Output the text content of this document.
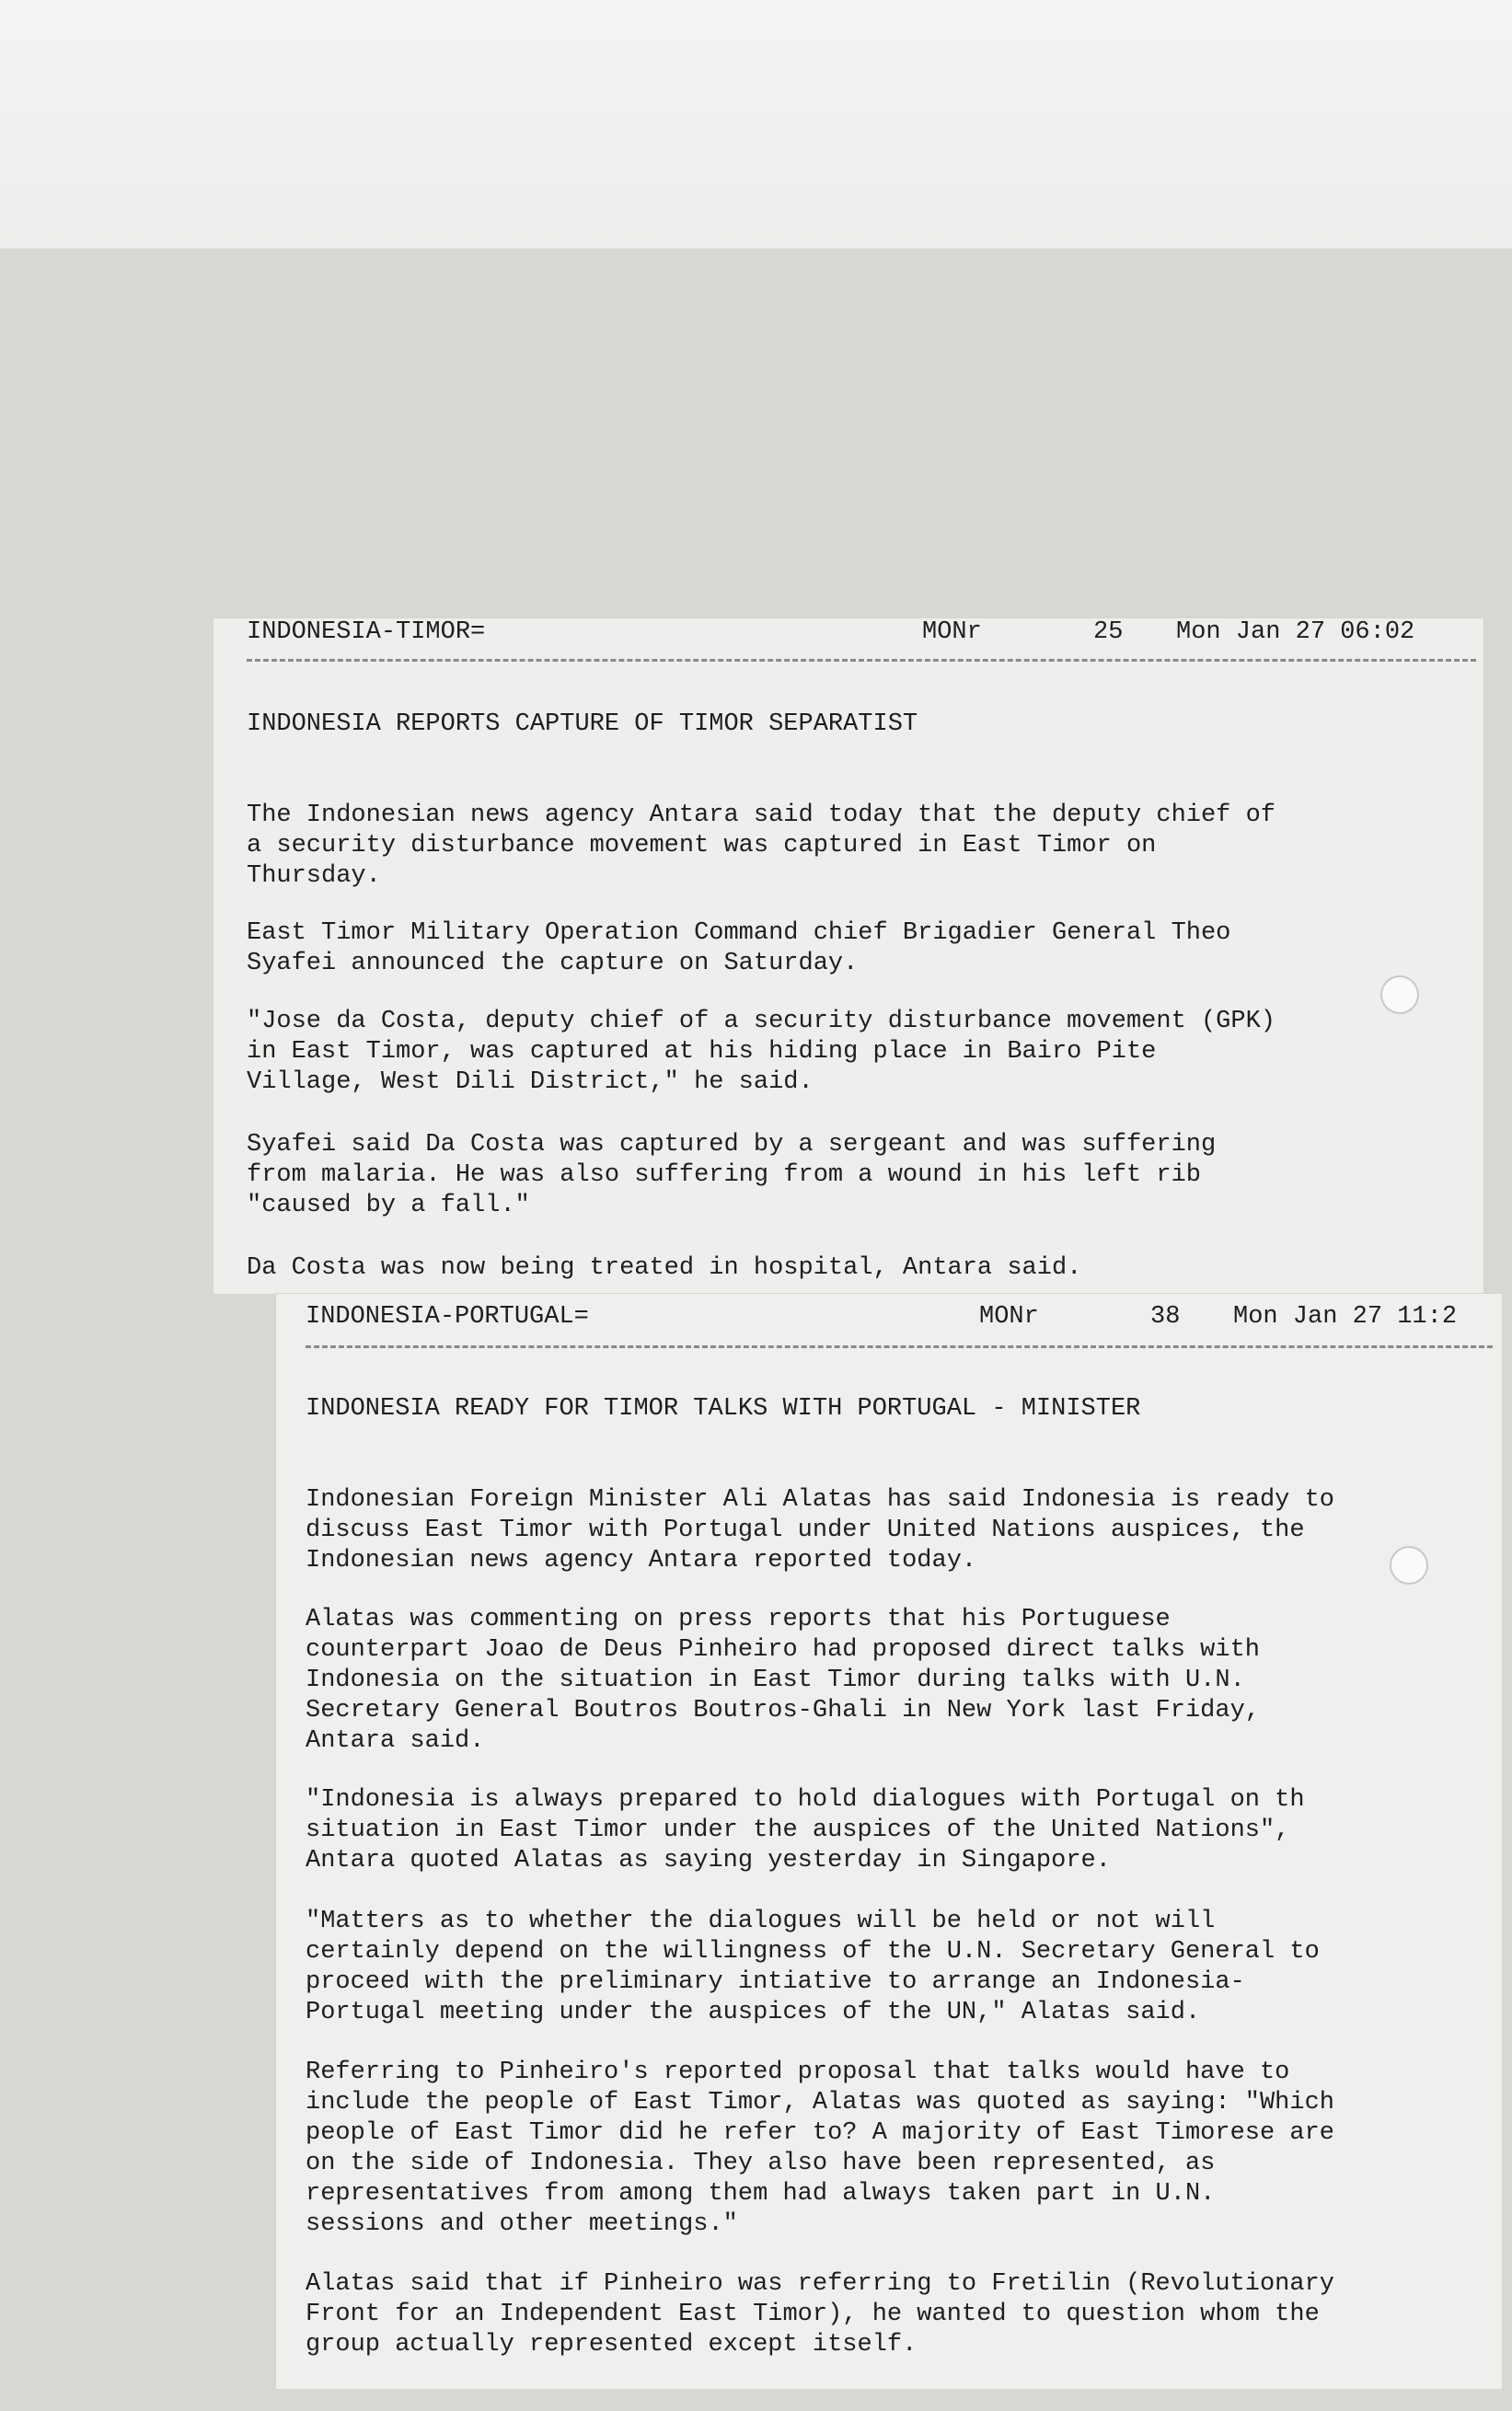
INDONESIA-TIMOR=	MONr	25 Mon Jan 27 06:02
INDONESIA REPORTS CAPTURE OF TIMOR SEPARATIST
The Indonesian news agency Antara said today that the deputy chief of
a security disturbance movement was captured in East Timor on
Thursday.
East Timor Military Operation Command chief Brigadier General Theo
Syafei announced the capture on Saturday.
"Jose da Costa, deputy chief of a security disturbance movement (GPK)
in East Timor, was captured at his hiding place in Bairo Pite
Village, West Dili District," he said.
Syafei said Da Costa was captured by a sergeant and was suffering
from malaria. He was also suffering from a wound in his left rib
"caused by a fall."
Da Costa was now being treated in hospital, Antara said.
INDONESIA-PORTUGAL=	MONr	38 Mon Jan 27 11:2
INDONESIA READY FOR TIMOR TALKS WITH PORTUGAL - MINISTER
Indonesian Foreign Minister Ali Alatas has said Indonesia is ready to
discuss East Timor with Portugal under United Nations auspices, the
Indonesian news agency Antara reported today.
Alatas was commenting on press reports that his Portuguese
counterpart Joao de Deus Pinheiro had proposed direct talks with
Indonesia on the situation in East Timor during talks with U.N.
Secretary General Boutros Boutros-Ghali in New York last Friday,
Antara said.
"Indonesia is always prepared to hold dialogues with Portugal on th
situation in East Timor under the auspices of the United Nations",
Antara quoted Alatas as saying yesterday in Singapore.
"Matters as to whether the dialogues will be held or not will
certainly depend on the willingness of the U.N. Secretary General to
proceed with the preliminary intiative to arrange an Indonesia-
Portugal meeting under the auspices of the UN," Alatas said.
Referring to Pinheiro's reported proposal that talks would have to
include the people of East Timor, Alatas was quoted as saying: "Which
people of East Timor did he refer to? A majority of East Timorese are
on the side of Indonesia. They also have been represented, as
representatives from among them had always taken part in U.N.
sessions and other meetings."
Alatas said that if Pinheiro was referring to Fretilin (Revolutionary
Front for an Independent East Timor), he wanted to question whom the
group actually represented except itself.
